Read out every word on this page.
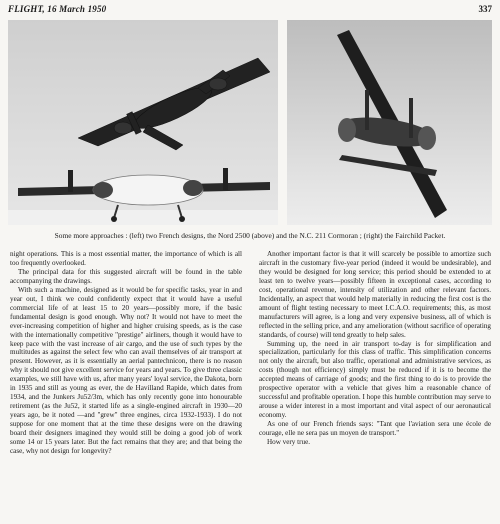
FLIGHT, 16 March 1950	337
Some more approaches : (left) two French designs, the Nord 2500 (above) and the N.C. 211 Cormoran ; (right) the Fairchild Packet.

night operations. This is a most essential matter, the importance of which is all too frequently overlooked.

The principal data for this suggested aircraft will be found in the table accompanying the drawings.

With such a machine, designed as it would be for specific tasks, year in and year out, I think we could confidently expect that it would have a useful commercial life of at least 15 to 20 years—possibly more, if the basic fundamental design is good enough. Why not? It would not have to meet the ever-increasing competition of higher and higher cruising speeds, as is the case with the internationally competitive "prestige" airliners, though it would have to keep pace with the vast increase of air cargo, and the use of such types by the multitudes as against the select few who can avail themselves of air transport at present. However, as it is essentially an aerial pantechnicon, there is no reason why it should not give excellent service for years and years. To give three classic examples, we still have with us, after many years' loyal service, the Dakota, born in 1935 and still as young as ever, the de Havilland Rapide, which dates from 1934, and the Junkers Ju52/3m, which has only recently gone into honourable retirement (as the Ju52, it started life as a single-engined aircraft in 1930—20 years ago, be it noted —and "grew" three engines, circa 1932-1933). I do not suppose for one moment that at the time these designs were on the drawing board their designers imagined they would still be doing a good job of work some 14 or 15 years later. But the fact remains that they are; and that being the case, why not design for longevity?

Another important factor is that it will scarcely be possible to amortize such aircraft in the customary five-year period (indeed it would be undesirable), and they would be designed for long service; this period should be extended to at least ten to twelve years—possibly fifteen in exceptional cases, according to cost, operational revenue, intensity of utilization and other relevant factors. Incidentally, an aspect that would help materially in reducing the first cost is the amount of flight testing necessary to meet I.C.A.O. requirements; this, as most manufacturers will agree, is a long and very expensive business, all of which is reflected in the selling price, and any amelioration (without sacrifice of operating standards, of course) will tend greatly to help sales.

Summing up, the need in air transport to-day is for simplification and specialization, particularly for this class of traffic. This simplification concerns not only the aircraft, but also traffic, operational and administrative services, as costs (though not efficiency) simply must be reduced if it is to become the accepted means of carriage of goods; and the first thing to do is to provide the prospective operator with a vehicle that gives him a reasonable chance of successful and profitable operation. I hope this humble contribution may serve to arouse a wider interest in a most important and vital aspect of our aeronautical economy.

As one of our French friends says: "Tant que l'aviation sera une école de courage, elle ne sera pas un moyen de transport."

How very true.
